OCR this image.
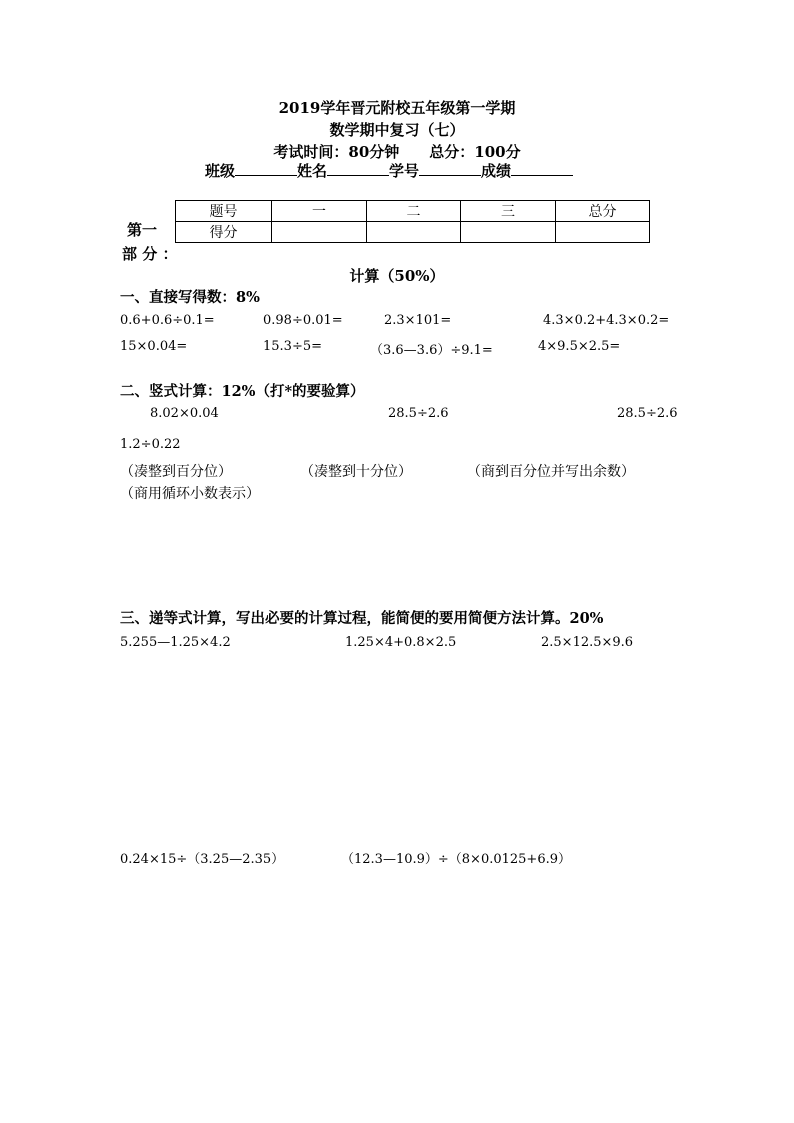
2019学年晋元附校五年级第一学期
数学期中复习（七）
考试时间：80分钟　　总分：100分
班级	姓名	学号	成绩
第一
部 分 ：
题号	一	二	三	总分
得分				
计算（50%）
一、直接写得数：8%
0.6+0.6÷0.1=	0.98÷0.01=	2.3×101=	4.3×0.2+4.3×0.2=
15×0.04=	15.3÷5=	（3.6—3.6）÷9.1=	4×9.5×2.5=
二、竖式计算：12%（打*的要验算）
8.02×0.04	28.5÷2.6	28.5÷2.6
1.2÷0.22
（凑整到百分位）	（凑整到十分位）	（商到百分位并写出余数）
（商用循环小数表示）
三、递等式计算，写出必要的计算过程，能简便的要用简便方法计算。20%
5.255—1.25×4.2	1.25×4+0.8×2.5	2.5×12.5×9.6
0.24×15÷（3.25—2.35）	（12.3—10.9）÷（8×0.0125+6.9）
